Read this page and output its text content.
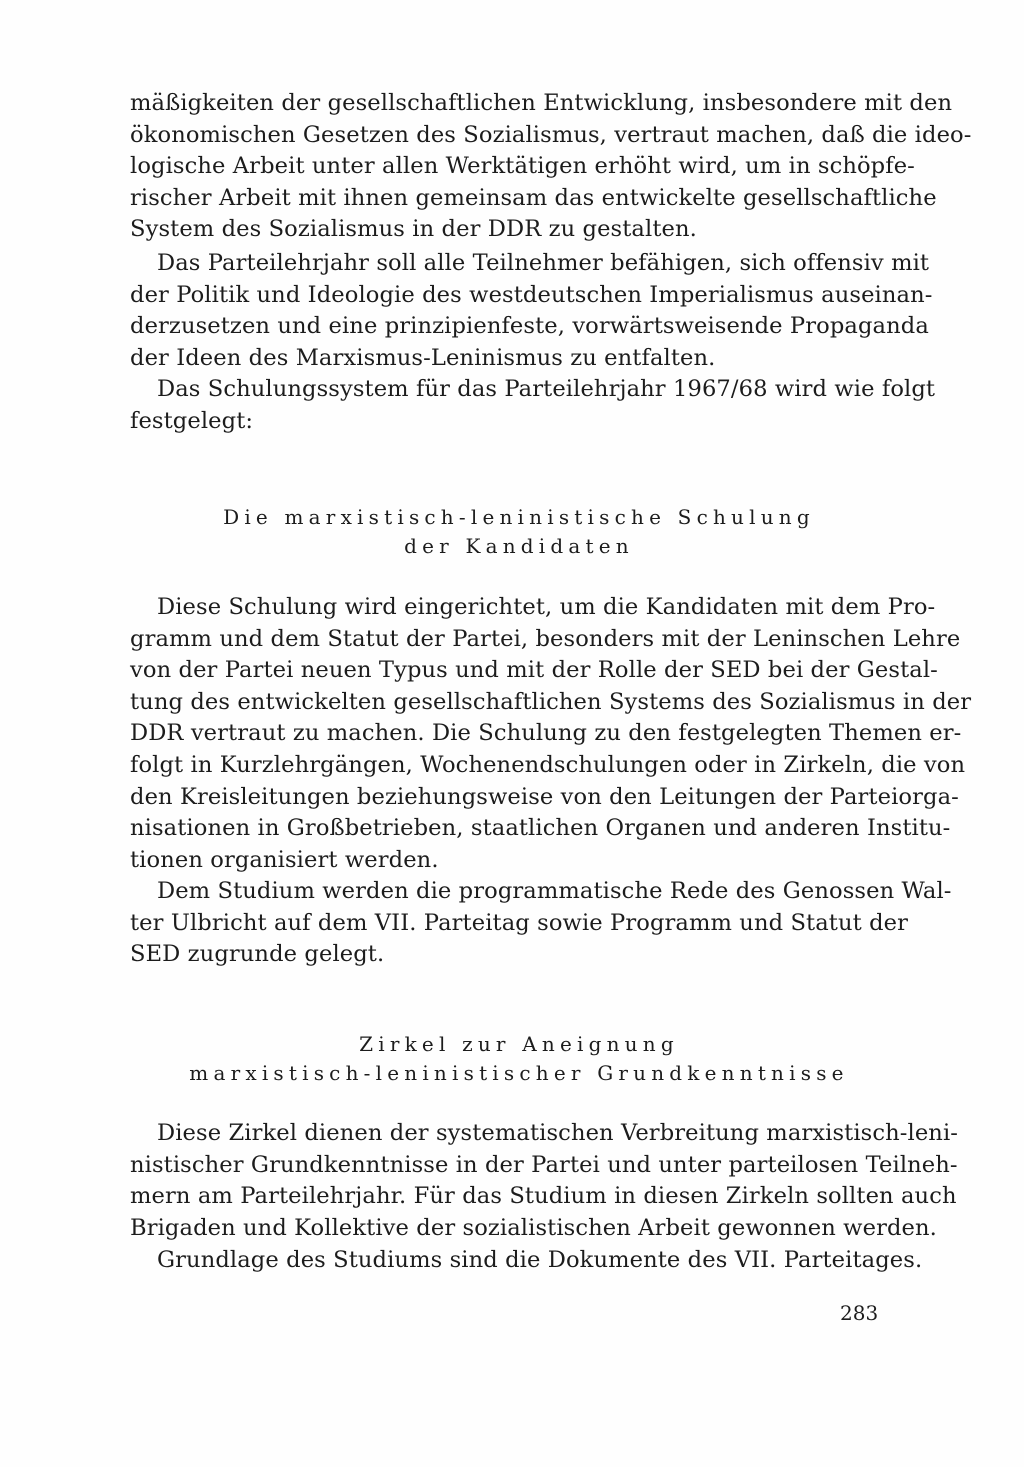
mäßigkeiten der gesellschaftlichen Entwicklung, insbesondere mit den
ökonomischen Gesetzen des Sozialismus, vertraut machen, daß die ideo-
logische Arbeit unter allen Werktätigen erhöht wird, um in schöpfe-
rischer Arbeit mit ihnen gemeinsam das entwickelte gesellschaftliche
System des Sozialismus in der DDR zu gestalten.
Das Parteilehrjahr soll alle Teilnehmer befähigen, sich offensiv mit
der Politik und Ideologie des westdeutschen Imperialismus auseinan-
derzusetzen und eine prinzipienfeste, vorwärtsweisende Propaganda
der Ideen des Marxismus-Leninismus zu entfalten.
Das Schulungssystem für das Parteilehrjahr 1967/68 wird wie folgt
festgelegt:
Die marxistisch-leninistische Schulung
der Kandidaten
Diese Schulung wird eingerichtet, um die Kandidaten mit dem Pro-
gramm und dem Statut der Partei, besonders mit der Leninschen Lehre
von der Partei neuen Typus und mit der Rolle der SED bei der Gestal-
tung des entwickelten gesellschaftlichen Systems des Sozialismus in der
DDR vertraut zu machen. Die Schulung zu den festgelegten Themen er-
folgt in Kurzlehrgängen, Wochenendschulungen oder in Zirkeln, die von
den Kreisleitungen beziehungsweise von den Leitungen der Parteiorga-
nisationen in Großbetrieben, staatlichen Organen und anderen Institu-
tionen organisiert werden.
Dem Studium werden die programmatische Rede des Genossen Wal-
ter Ulbricht auf dem VII. Parteitag sowie Programm und Statut der
SED zugrunde gelegt.
Zirkel zur Aneignung
marxistisch-leninistischer Grundkenntnisse
Diese Zirkel dienen der systematischen Verbreitung marxistisch-leni-
nistischer Grundkenntnisse in der Partei und unter parteilosen Teilneh-
mern am Parteilehrjahr. Für das Studium in diesen Zirkeln sollten auch
Brigaden und Kollektive der sozialistischen Arbeit gewonnen werden.
Grundlage des Studiums sind die Dokumente des VII. Parteitages.
283
